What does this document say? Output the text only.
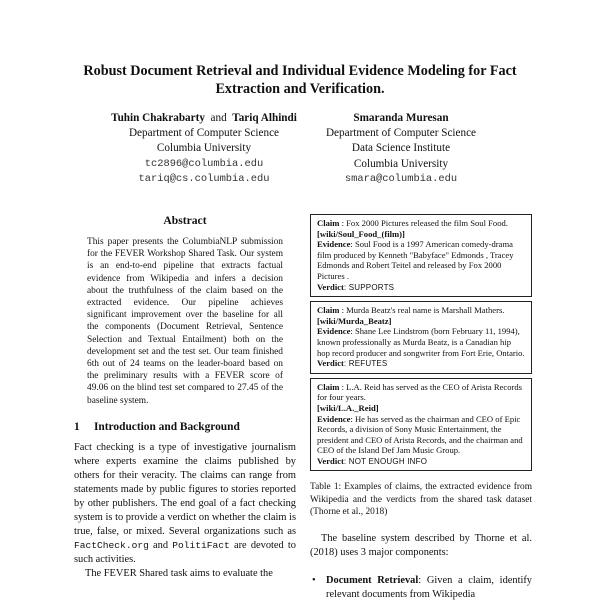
Robust Document Retrieval and Individual Evidence Modeling for Fact
Extraction and Verification.
Tuhin Chakrabarty and Tariq Alhindi
Department of Computer Science
Columbia University
tc2896@columbia.edu
tariq@cs.columbia.edu
Smaranda Muresan
Department of Computer Science
Data Science Institute
Columbia University
smara@columbia.edu
Abstract
This paper presents the ColumbiaNLP submission for the FEVER Workshop Shared Task. Our system is an end-to-end pipeline that extracts factual evidence from Wikipedia and infers a decision about the truthfulness of the claim based on the extracted evidence. Our pipeline achieves significant improvement over the baseline for all the components (Document Retrieval, Sentence Selection and Textual Entailment) both on the development set and the test set. Our team finished 6th out of 24 teams on the leader-board based on the preliminary results with a FEVER score of 49.06 on the blind test set compared to 27.45 of the baseline system.
1 Introduction and Background
Fact checking is a type of investigative journalism where experts examine the claims published by others for their veracity. The claims can range from statements made by public figures to stories reported by other publishers. The end goal of a fact checking system is to provide a verdict on whether the claim is true, false, or mixed. Several organizations such as FactCheck.org and PolitiFact are devoted to such activities.
The FEVER Shared task aims to evaluate the
Claim : Fox 2000 Pictures released the film Soul Food.
[wiki/Soul_Food_(film)]
Evidence: Soul Food is a 1997 American comedy-drama film produced by Kenneth "Babyface" Edmonds , Tracey Edmonds and Robert Teitel and released by Fox 2000 Pictures .
Verdict: SUPPORTS
Claim : Murda Beatz's real name is Marshall Mathers.
[wiki/Murda_Beatz]
Evidence: Shane Lee Lindstrom (born February 11, 1994), known professionally as Murda Beatz, is a Canadian hip hop record producer and songwriter from Fort Erie, Ontario.
Verdict: REFUTES
Claim : L.A. Reid has served as the CEO of Arista Records for four years.
[wiki/L.A._Reid]
Evidence: He has served as the chairman and CEO of Epic Records, a division of Sony Music Entertainment, the president and CEO of Arista Records, and the chairman and CEO of the Island Def Jam Music Group.
Verdict: NOT ENOUGH INFO
Table 1: Examples of claims, the extracted evidence from Wikipedia and the verdicts from the shared task dataset (Thorne et al., 2018)
The baseline system described by Thorne et al. (2018) uses 3 major components:
• Document Retrieval: Given a claim, identify relevant documents from Wikipedia
